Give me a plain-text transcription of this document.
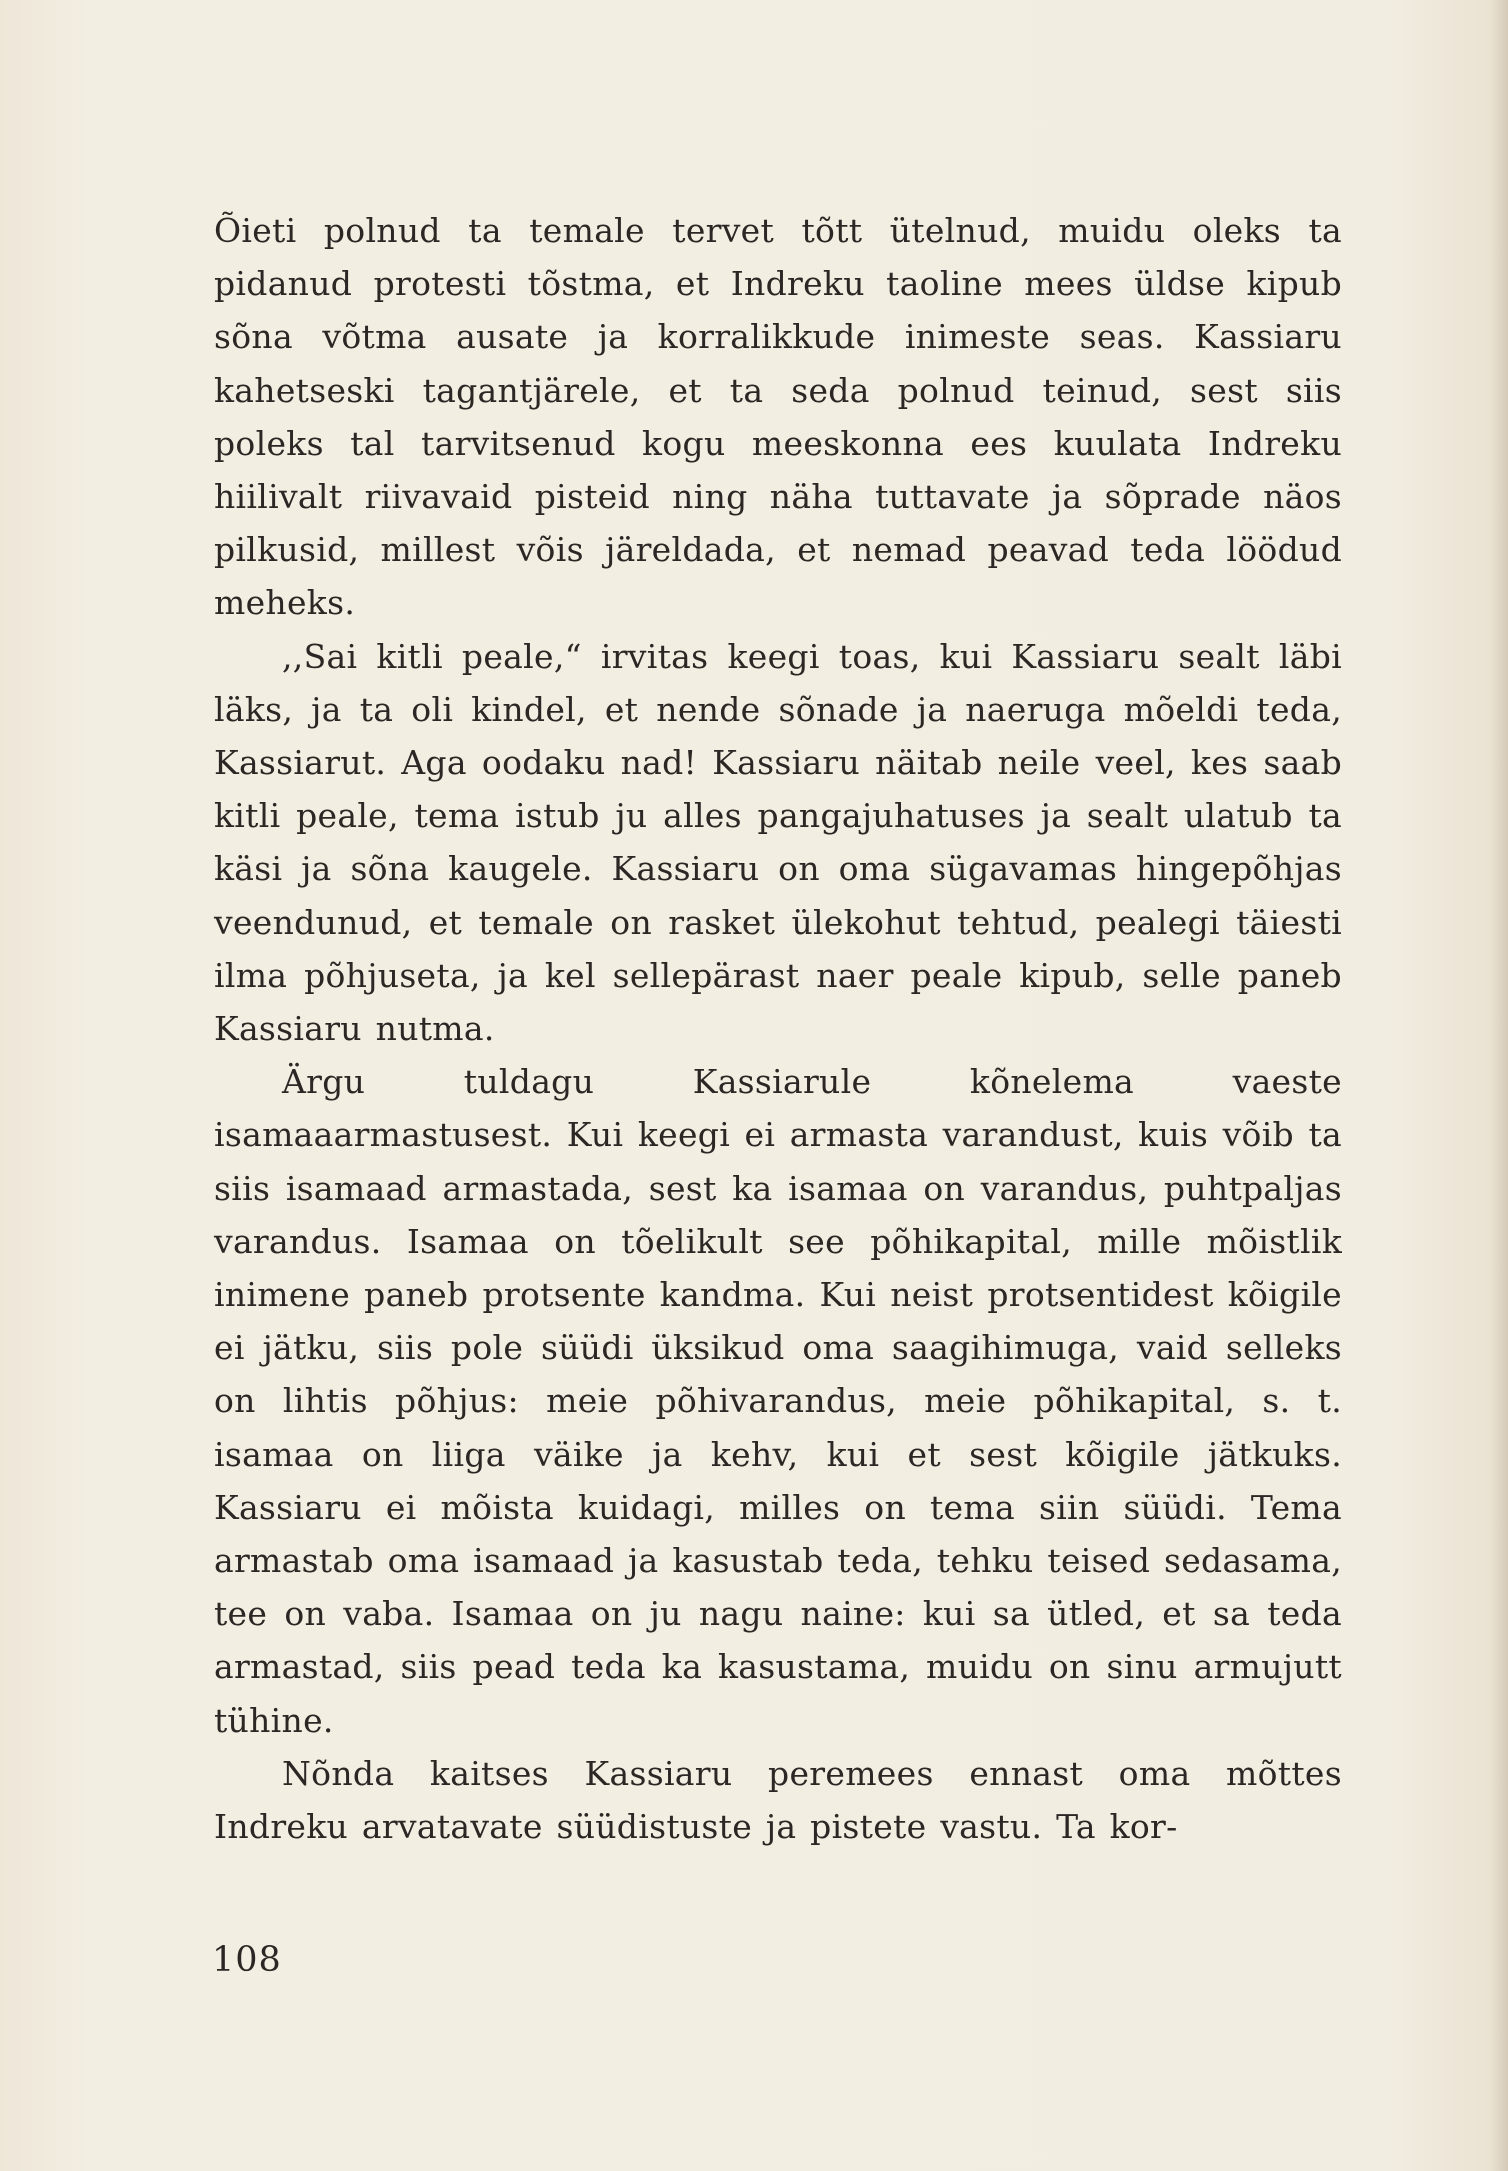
Õieti polnud ta temale tervet tõtt ütelnud, muidu oleks ta pidanud protesti tõstma, et Indreku taoline mees üldse kipub sõna võtma ausate ja korralikkude inimeste seas. Kassiaru kahetseski tagantjärele, et ta seda polnud teinud, sest siis poleks tal tarvitsenud kogu meeskonna ees kuulata Indreku hiilivalt riivavaid pisteid ning näha tuttavate ja sõprade näos pilkusid, millest võis järeldada, et nemad peavad teda löödud meheks.

,,Sai kitli peale,“ irvitas keegi toas, kui Kassiaru sealt läbi läks, ja ta oli kindel, et nende sõnade ja naeruga mõeldi teda, Kassiarut. Aga oodaku nad! Kassiaru näitab neile veel, kes saab kitli peale, tema istub ju alles pangajuhatuses ja sealt ulatub ta käsi ja sõna kaugele. Kassiaru on oma sügavamas hingepõhjas veendunud, et temale on rasket ülekohut tehtud, pealegi täiesti ilma põhjuseta, ja kel sellepärast naer peale kipub, selle paneb Kassiaru nutma.

Ärgu tuldagu Kassiarule kõnelema vaeste isamaaarmastusest. Kui keegi ei armasta varandust, kuis võib ta siis isamaad armastada, sest ka isamaa on varandus, puhtpaljas varandus. Isamaa on tõelikult see põhikapital, mille mõistlik inimene paneb protsente kandma. Kui neist protsentidest kõigile ei jätku, siis pole süüdi üksikud oma saagihimuga, vaid selleks on lihtis põhjus: meie põhivarandus, meie põhikapital, s. t. isamaa on liiga väike ja kehv, kui et sest kõigile jätkuks. Kassiaru ei mõista kuidagi, milles on tema siin süüdi. Tema armastab oma isamaad ja kasustab teda, tehku teised sedasama, tee on vaba. Isamaa on ju nagu naine: kui sa ütled, et sa teda armastad, siis pead teda ka kasustama, muidu on sinu armujutt tühine.

Nõnda kaitses Kassiaru peremees ennast oma mõttes Indreku arvatavate süüdistuste ja pistete vastu. Ta kor-

108
